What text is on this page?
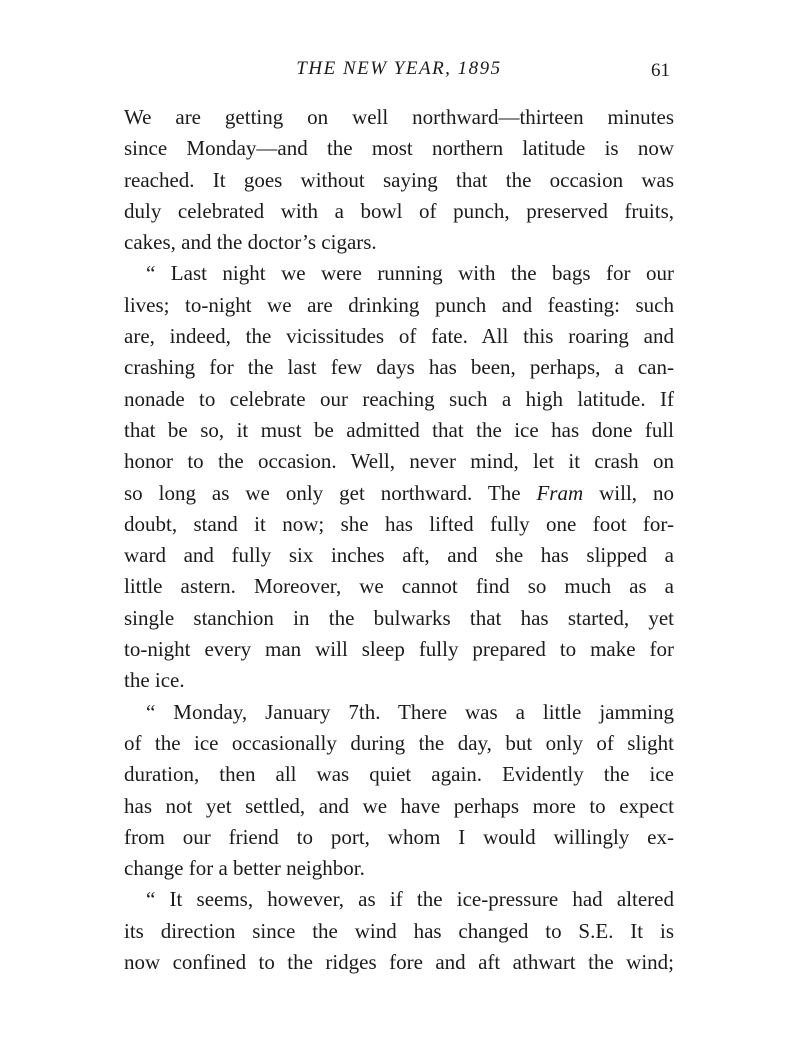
THE NEW YEAR, 1895	61
We are getting on well northward—thirteen minutes
since Monday—and the most northern latitude is now
reached. It goes without saying that the occasion was
duly celebrated with a bowl of punch, preserved fruits,
cakes, and the doctor’s cigars.
“ Last night we were running with the bags for our
lives; to-night we are drinking punch and feasting: such
are, indeed, the vicissitudes of fate. All this roaring and
crashing for the last few days has been, perhaps, a can-
nonade to celebrate our reaching such a high latitude. If
that be so, it must be admitted that the ice has done full
honor to the occasion. Well, never mind, let it crash on
so long as we only get northward. The Fram will, no
doubt, stand it now; she has lifted fully one foot for-
ward and fully six inches aft, and she has slipped a
little astern. Moreover, we cannot find so much as a
single stanchion in the bulwarks that has started, yet
to-night every man will sleep fully prepared to make for
the ice.
“ Monday, January 7th. There was a little jamming
of the ice occasionally during the day, but only of slight
duration, then all was quiet again. Evidently the ice
has not yet settled, and we have perhaps more to expect
from our friend to port, whom I would willingly ex-
change for a better neighbor.
“ It seems, however, as if the ice-pressure had altered
its direction since the wind has changed to S.E. It is
now confined to the ridges fore and aft athwart the wind;
